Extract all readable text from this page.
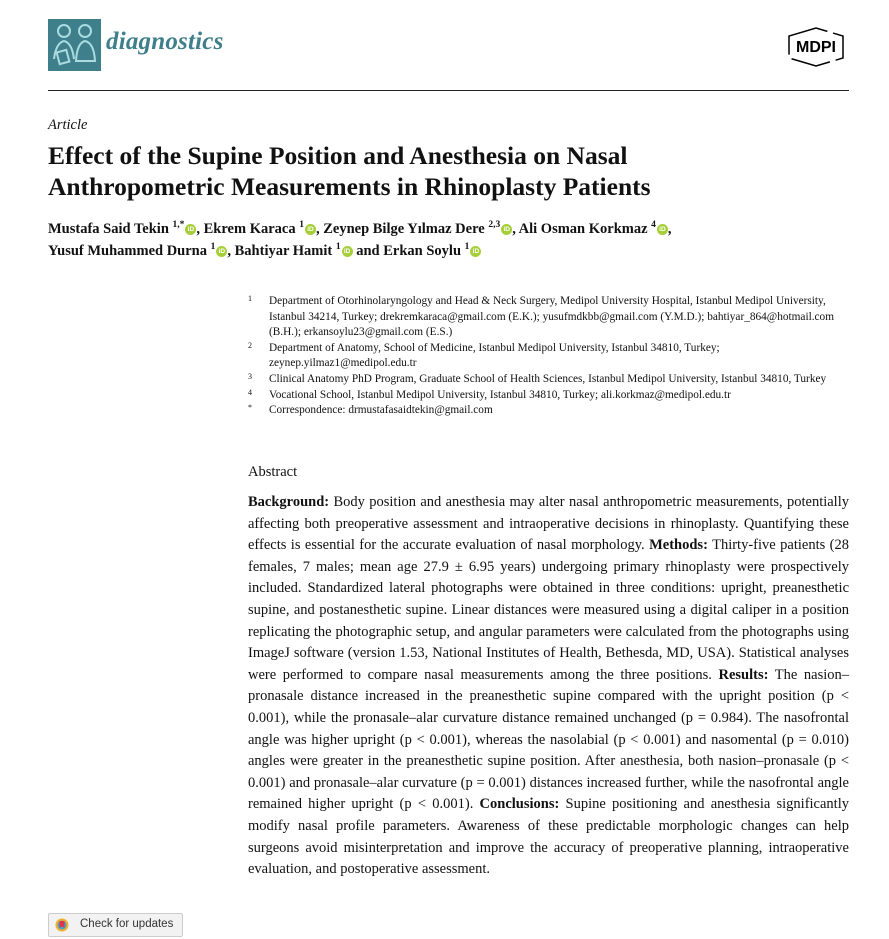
diagnostics	MDPI
Article
Effect of the Supine Position and Anesthesia on Nasal
Anthropometric Measurements in Rhinoplasty Patients
Mustafa Said Tekin $^{1,*}$ iD , Ekrem Karaca $^1$ iD , Zeynep Bilge Yılmaz Dere $^{2,3}$ iD , Ali Osman Korkmaz $^4$ iD ,
Yusuf Muhammed Durna $^1$ iD , Bahtiyar Hamit $^1$ iD and Erkan Soylu $^1$ iD
1 Department of Otorhinolaryngology and Head & Neck Surgery, Medipol University Hospital, Istanbul Medipol University, Istanbul 34214, Turkey; drekremkaraca@gmail.com (E.K.); yusufmdkbb@gmail.com (Y.M.D.); bahtiyar_864@hotmail.com (B.H.); erkansoylu23@gmail.com (E.S.)
2 Department of Anatomy, School of Medicine, Istanbul Medipol University, Istanbul 34810, Turkey; zeynep.yilmaz1@medipol.edu.tr
3 Clinical Anatomy PhD Program, Graduate School of Health Sciences, Istanbul Medipol University, Istanbul 34810, Turkey
4 Vocational School, Istanbul Medipol University, Istanbul 34810, Turkey; ali.korkmaz@medipol.edu.tr
* Correspondence: drmustafasaidtekin@gmail.com
Abstract
Background: Body position and anesthesia may alter nasal anthropometric measurements, potentially affecting both preoperative assessment and intraoperative decisions in rhinoplasty. Quantifying these effects is essential for the accurate evaluation of nasal morphology. Methods: Thirty-five patients (28 females, 7 males; mean age 27.9 ± 6.95 years) undergoing primary rhinoplasty were prospectively included. Standardized lateral photographs were obtained in three conditions: upright, preanesthetic supine, and postanesthetic supine. Linear distances were measured using a digital caliper in a position replicating the photographic setup, and angular parameters were calculated from the photographs using ImageJ software (version 1.53, National Institutes of Health, Bethesda, MD, USA). Statistical analyses were performed to compare nasal measurements among the three positions. Results: The nasion–pronasale distance increased in the preanesthetic supine compared with the upright position (p < 0.001), while the pronasale–alar curvature distance remained unchanged (p = 0.984). The nasofrontal angle was higher upright (p < 0.001), whereas the nasolabial (p < 0.001) and nasomental (p = 0.010) angles were greater in the preanesthetic supine position. After anesthesia, both nasion–pronasale (p < 0.001) and pronasale–alar curvature (p = 0.001) distances increased further, while the nasofrontal angle remained higher upright (p < 0.001). Conclusions: Supine positioning and anesthesia significantly modify nasal profile parameters. Awareness of these predictable morphologic changes can help surgeons avoid misinterpretation and improve the accuracy of preoperative planning, intraoperative evaluation, and postoperative assessment.
Check for updates
